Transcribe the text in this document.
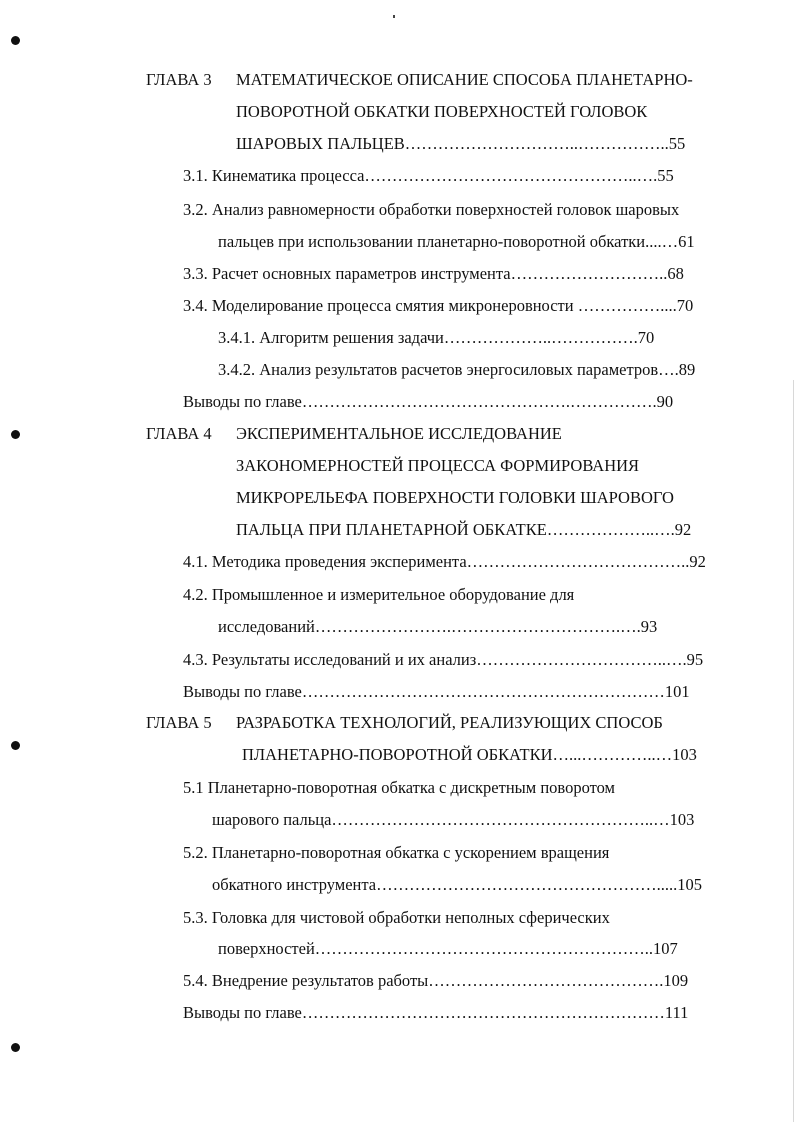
ГЛАВА 3 МАТЕМАТИЧЕСКОЕ ОПИСАНИЕ СПОСОБА ПЛАНЕТАРНО-
ПОВОРОТНОЙ ОБКАТКИ ПОВЕРХНОСТЕЙ ГОЛОВОК
ШАРОВЫХ ПАЛЬЦЕВ…………………………..……………..55
3.1. Кинематика процесса…………………………………………..….55
3.2. Анализ равномерности обработки поверхностей головок шаровых
пальцев при использовании планетарно-поворотной обкатки....…61
3.3. Расчет основных параметров инструмента………………………..68
3.4. Моделирование процесса смятия микронеровности ……………....70
3.4.1. Алгоритм решения задачи………………..…………….70
3.4.2. Анализ результатов расчетов энергосиловых параметров….89
Выводы по главе………………………………………….…………….90
ГЛАВА 4 ЭКСПЕРИМЕНТАЛЬНОЕ ИССЛЕДОВАНИЕ
ЗАКОНОМЕРНОСТЕЙ ПРОЦЕССА ФОРМИРОВАНИЯ
МИКРОРЕЛЬЕФА ПОВЕРХНОСТИ ГОЛОВКИ ШАРОВОГО
ПАЛЬЦА ПРИ ПЛАНЕТАРНОЙ ОБКАТКЕ………………..….92
4.1. Методика проведения эксперимента…………………………………..92
4.2. Промышленное и измерительное оборудование для
исследований…………………….………………………….….93
4.3. Результаты исследований и их анализ……………………………..….95
Выводы по главе…………………………………………………………101
ГЛАВА 5 РАЗРАБОТКА ТЕХНОЛОГИЙ, РЕАЛИЗУЮЩИХ СПОСОБ
ПЛАНЕТАРНО-ПОВОРОТНОЙ ОБКАТКИ…...…………..…103
5.1 Планетарно-поворотная обкатка с дискретным поворотом
шарового пальца…………………………………………………..…103
5.2. Планетарно-поворотная обкатка с ускорением вращения
обкатного инструмента…………………………………………….....105
5.3. Головка для чистовой обработки неполных сферических
поверхностей……………………………………………………..107
5.4. Внедрение результатов работы…………………………………….109
Выводы по главе…………………………………………………………111
